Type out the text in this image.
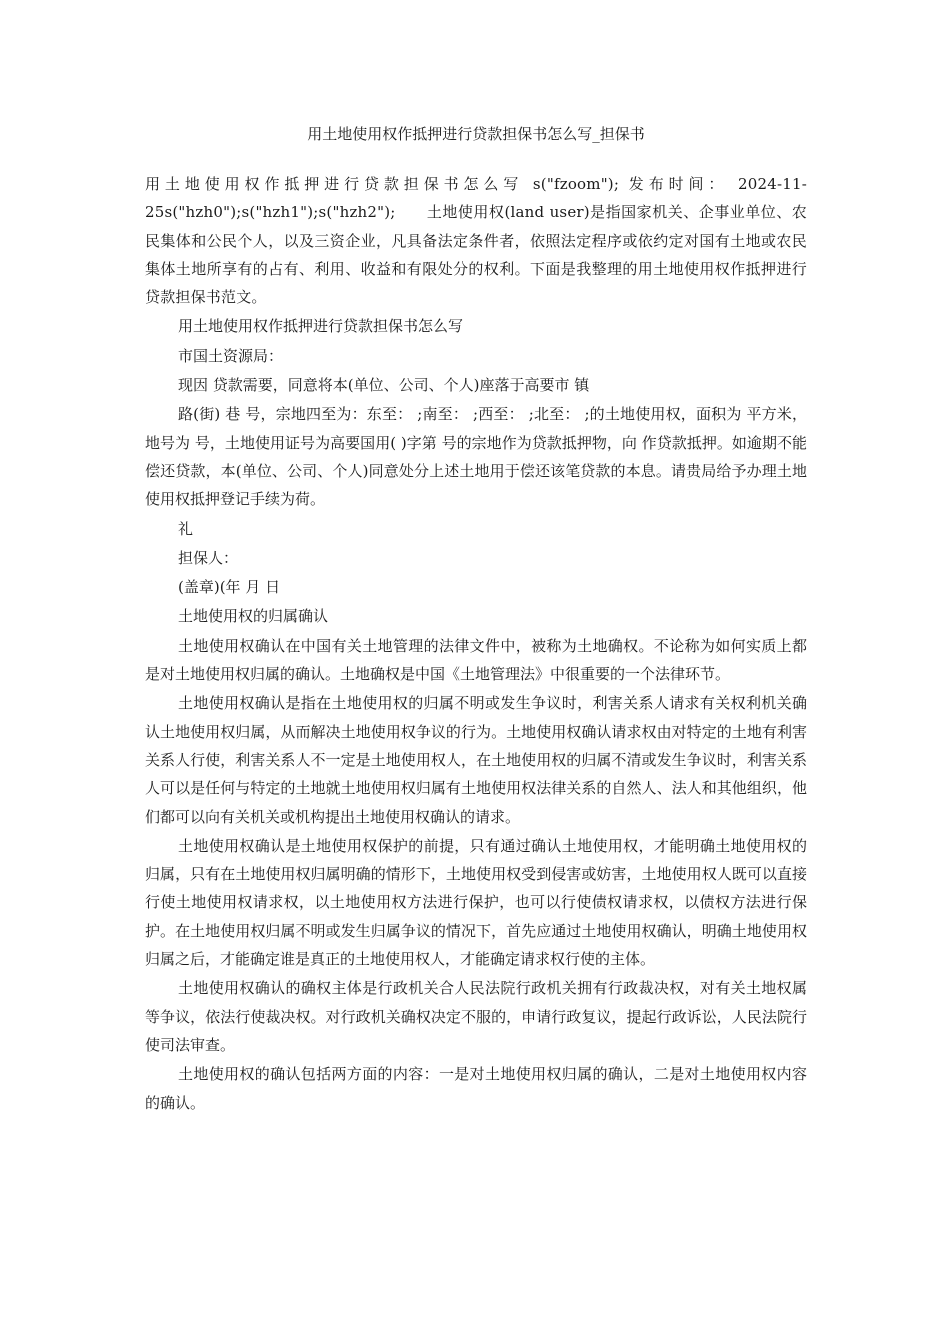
用土地使用权作抵押进行贷款担保书怎么写_担保书

用土地使用权作抵押进行贷款担保书怎么写 s("fzoom"); 发布时间： 2024-11-25s("hzh0");s("hzh1");s("hzh2");　　土地使用权(land user)是指国家机关、企事业单位、农民集体和公民个人，以及三资企业，凡具备法定条件者，依照法定程序或依约定对国有土地或农民集体土地所享有的占有、利用、收益和有限处分的权利。下面是我整理的用土地使用权作抵押进行贷款担保书范文。

用土地使用权作抵押进行贷款担保书怎么写

市国土资源局：

现因 贷款需要，同意将本(单位、公司、个人)座落于高要市 镇

路(街) 巷 号，宗地四至为：东至： ;南至： ;西至： ;北至： ;的土地使用权，面积为 平方米，地号为 号，土地使用证号为高要国用( )字第 号的宗地作为贷款抵押物，向 作贷款抵押。如逾期不能偿还贷款，本(单位、公司、个人)同意处分上述土地用于偿还该笔贷款的本息。请贵局给予办理土地使用权抵押登记手续为荷。

礼

担保人：

(盖章)(年 月 日

土地使用权的归属确认

土地使用权确认在中国有关土地管理的法律文件中，被称为土地确权。不论称为如何实质上都是对土地使用权归属的确认。土地确权是中国《土地管理法》中很重要的一个法律环节。

土地使用权确认是指在土地使用权的归属不明或发生争议时，利害关系人请求有关权利机关确认土地使用权归属，从而解决土地使用权争议的行为。土地使用权确认请求权由对特定的土地有利害关系人行使，利害关系人不一定是土地使用权人，在土地使用权的归属不清或发生争议时，利害关系人可以是任何与特定的土地就土地使用权归属有土地使用权法律关系的自然人、法人和其他组织，他们都可以向有关机关或机构提出土地使用权确认的请求。

土地使用权确认是土地使用权保护的前提，只有通过确认土地使用权，才能明确土地使用权的归属，只有在土地使用权归属明确的情形下，土地使用权受到侵害或妨害，土地使用权人既可以直接行使土地使用权请求权，以土地使用权方法进行保护，也可以行使债权请求权，以债权方法进行保护。在土地使用权归属不明或发生归属争议的情况下，首先应通过土地使用权确认，明确土地使用权归属之后，才能确定谁是真正的土地使用权人，才能确定请求权行使的主体。

土地使用权确认的确权主体是行政机关合人民法院行政机关拥有行政裁决权，对有关土地权属等争议，依法行使裁决权。对行政机关确权决定不服的，申请行政复议，提起行政诉讼，人民法院行使司法审查。

土地使用权的确认包括两方面的内容：一是对土地使用权归属的确认，二是对土地使用权内容的确认。
